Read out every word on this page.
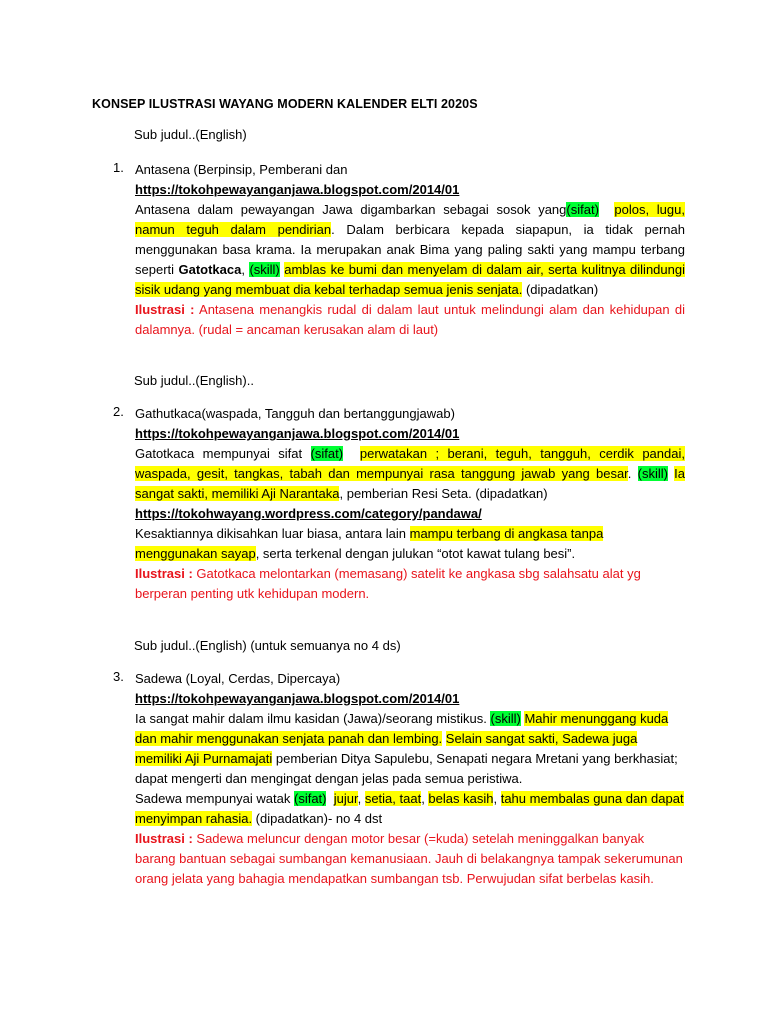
KONSEP ILUSTRASI WAYANG MODERN KALENDER ELTI 2020S
Sub judul..(English)
1. Antasena (Berpinsip, Pemberani dan

https://tokohpewayanganjawa.blogspot.com/2014/01

Antasena dalam pewayangan Jawa digambarkan sebagai sosok yang(sifat) polos, lugu, namun teguh dalam pendirian. Dalam berbicara kepada siapapun, ia tidak pernah menggunakan basa krama. Ia merupakan anak Bima yang paling sakti yang mampu terbang seperti Gatotkaca, (skill) amblas ke bumi dan menyelam di dalam air, serta kulitnya dilindungi sisik udang yang membuat dia kebal terhadap semua jenis senjata. (dipadatkan)

Ilustrasi : Antasena menangkis rudal di dalam laut untuk melindungi alam dan kehidupan di dalamnya. (rudal = ancaman kerusakan alam di laut)

Sub judul..(English)..
2. Gathutkaca(waspada, Tangguh dan bertanggungjawab)

https://tokohpewayanganjawa.blogspot.com/2014/01

Gatotkaca mempunyai sifat (sifat) perwatakan ; berani, teguh, tangguh, cerdik pandai, waspada, gesit, tangkas, tabah dan mempunyai rasa tanggung jawab yang besar. (skill) Ia sangat sakti, memiliki Aji Narantaka, pemberian Resi Seta. (dipadatkan)

https://tokohwayang.wordpress.com/category/pandawa/

Kesaktiannya dikisahkan luar biasa, antara lain mampu terbang di angkasa tanpa menggunakan sayap, serta terkenal dengan julukan “otot kawat tulang besi”.

Ilustrasi : Gatotkaca melontarkan (memasang) satelit ke angkasa sbg salahsatu alat yg berperan penting utk kehidupan modern.

Sub judul..(English) (untuk semuanya no 4 ds)
3. Sadewa (Loyal, Cerdas, Dipercaya)

https://tokohpewayanganjawa.blogspot.com/2014/01

Ia sangat mahir dalam ilmu kasidan (Jawa)/seorang mistikus. (skill) Mahir menunggang kuda dan mahir menggunakan senjata panah dan lembing. Selain sangat sakti, Sadewa juga memiliki Aji Purnamajati pemberian Ditya Sapulebu, Senapati negara Mretani yang berkhasiat; dapat mengerti dan mengingat dengan jelas pada semua peristiwa.

Sadewa mempunyai watak (sifat) jujur, setia, taat, belas kasih, tahu membalas guna dan dapat menyimpan rahasia. (dipadatkan)- no 4 dst

Ilustrasi : Sadewa meluncur dengan motor besar (=kuda) setelah meninggalkan banyak barang bantuan sebagai sumbangan kemanusiaan. Jauh di belakangnya tampak sekerumunan orang jelata yang bahagia mendapatkan sumbangan tsb. Perwujudan sifat berbelas kasih.
